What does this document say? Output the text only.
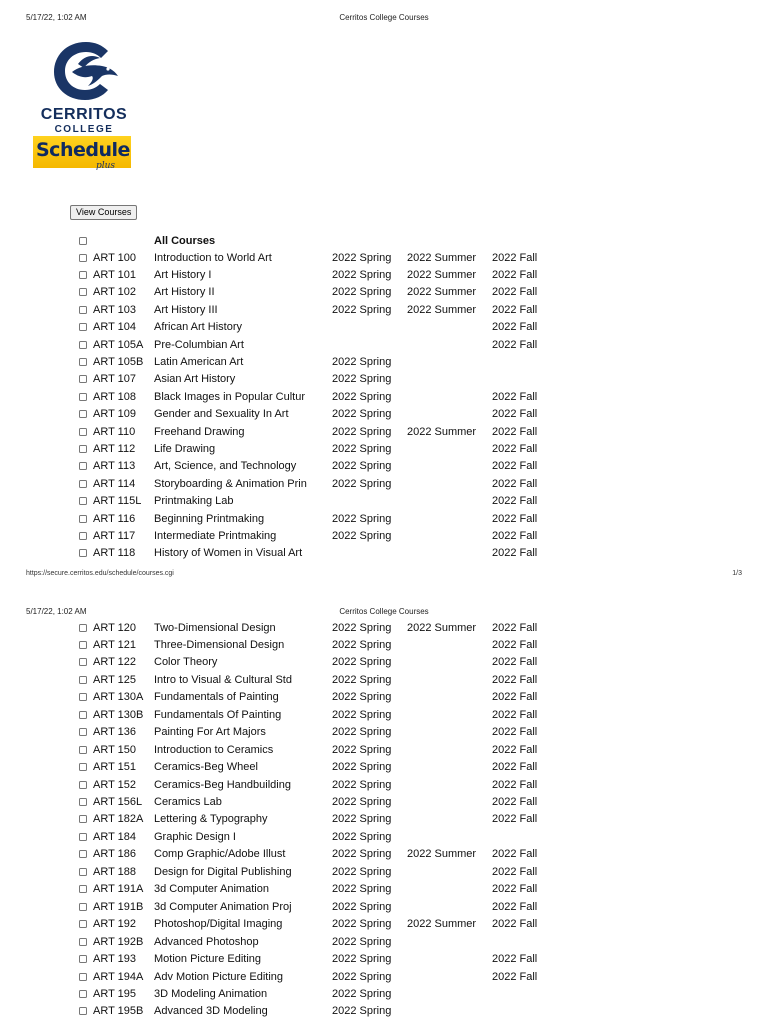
5/17/22, 1:02 AM	Cerritos College Courses
CERRITOS
COLLEGE
Schedule
plus
View Courses
All Courses
ART 100 Introduction to World Art	2022 Spring 2022 Summer 2022 Fall
ART 101 Art History I	2022 Spring 2022 Summer 2022 Fall
ART 102 Art History II	2022 Spring 2022 Summer 2022 Fall
ART 103 Art History III	2022 Spring 2022 Summer 2022 Fall
ART 104 African Art History	2022 Fall
ART 105A Pre-Columbian Art	2022 Fall
ART 105B Latin American Art	2022 Spring
ART 107 Asian Art History	2022 Spring
ART 108 Black Images in Popular Cultur	2022 Spring	2022 Fall
ART 109 Gender and Sexuality In Art	2022 Spring	2022 Fall
ART 110 Freehand Drawing	2022 Spring 2022 Summer 2022 Fall
ART 112 Life Drawing	2022 Spring	2022 Fall
ART 113 Art, Science, and Technology	2022 Spring	2022 Fall
ART 114 Storyboarding & Animation Prin	2022 Spring	2022 Fall
ART 115L Printmaking Lab	2022 Fall
ART 116 Beginning Printmaking	2022 Spring	2022 Fall
ART 117 Intermediate Printmaking	2022 Spring	2022 Fall
ART 118 History of Women in Visual Art	2022 Fall
https://secure.cerritos.edu/schedule/courses.cgi	1/3
5/17/22, 1:02 AM	Cerritos College Courses
ART 120 Two-Dimensional Design	2022 Spring 2022 Summer 2022 Fall
ART 121 Three-Dimensional Design	2022 Spring	2022 Fall
ART 122 Color Theory	2022 Spring	2022 Fall
ART 125 Intro to Visual & Cultural Std	2022 Spring	2022 Fall
ART 130A Fundamentals of Painting	2022 Spring	2022 Fall
ART 130B Fundamentals Of Painting	2022 Spring	2022 Fall
ART 136 Painting For Art Majors	2022 Spring	2022 Fall
ART 150 Introduction to Ceramics	2022 Spring	2022 Fall
ART 151 Ceramics-Beg Wheel	2022 Spring	2022 Fall
ART 152 Ceramics-Beg Handbuilding	2022 Spring	2022 Fall
ART 156L Ceramics Lab	2022 Spring	2022 Fall
ART 182A Lettering & Typography	2022 Spring	2022 Fall
ART 184 Graphic Design I	2022 Spring
ART 186 Comp Graphic/Adobe Illust	2022 Spring 2022 Summer 2022 Fall
ART 188 Design for Digital Publishing	2022 Spring	2022 Fall
ART 191A 3d Computer Animation	2022 Spring	2022 Fall
ART 191B 3d Computer Animation Proj	2022 Spring	2022 Fall
ART 192 Photoshop/Digital Imaging	2022 Spring 2022 Summer 2022 Fall
ART 192B Advanced Photoshop	2022 Spring
ART 193 Motion Picture Editing	2022 Spring	2022 Fall
ART 194A Adv Motion Picture Editing	2022 Spring	2022 Fall
ART 195 3D Modeling Animation	2022 Spring
ART 195B Advanced 3D Modeling	2022 Spring
